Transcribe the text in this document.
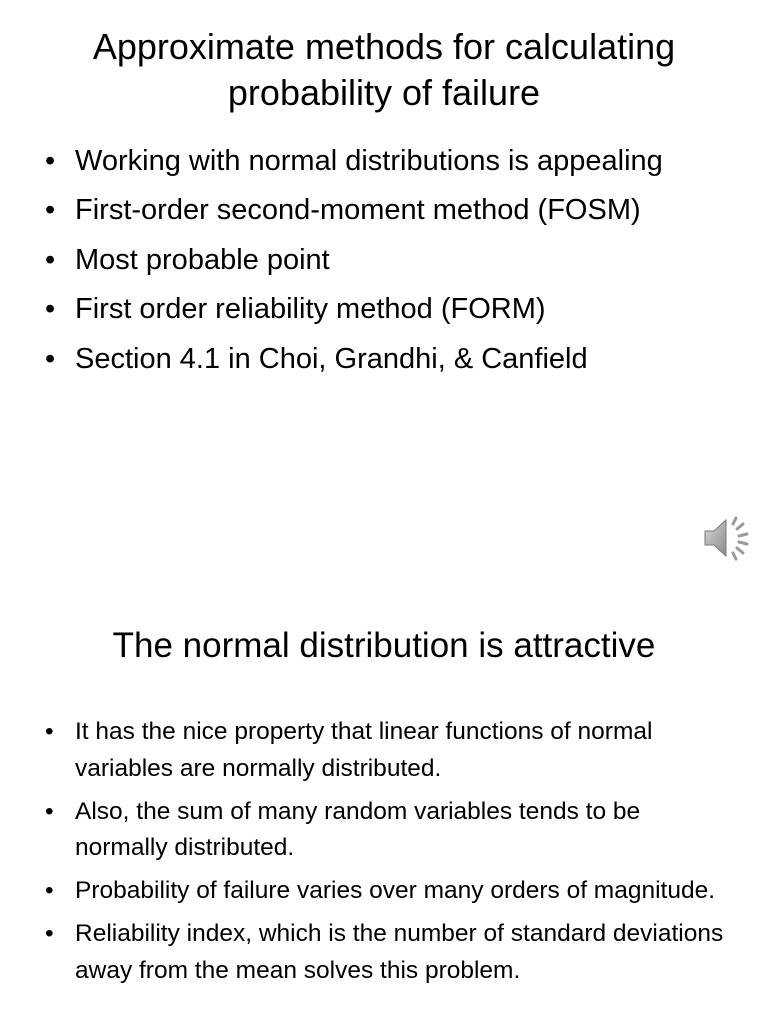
Approximate methods for calculating probability of failure
• Working with normal distributions is appealing
• First-order second-moment method (FOSM)
• Most probable point
• First order reliability method (FORM)
• Section 4.1 in Choi, Grandhi, & Canfield
The normal distribution is attractive
• It has the nice property that linear functions of normal variables are normally distributed.
• Also, the sum of many random variables tends to be normally distributed.
• Probability of failure varies over many orders of magnitude.
• Reliability index, which is the number of standard deviations away from the mean solves this problem.
